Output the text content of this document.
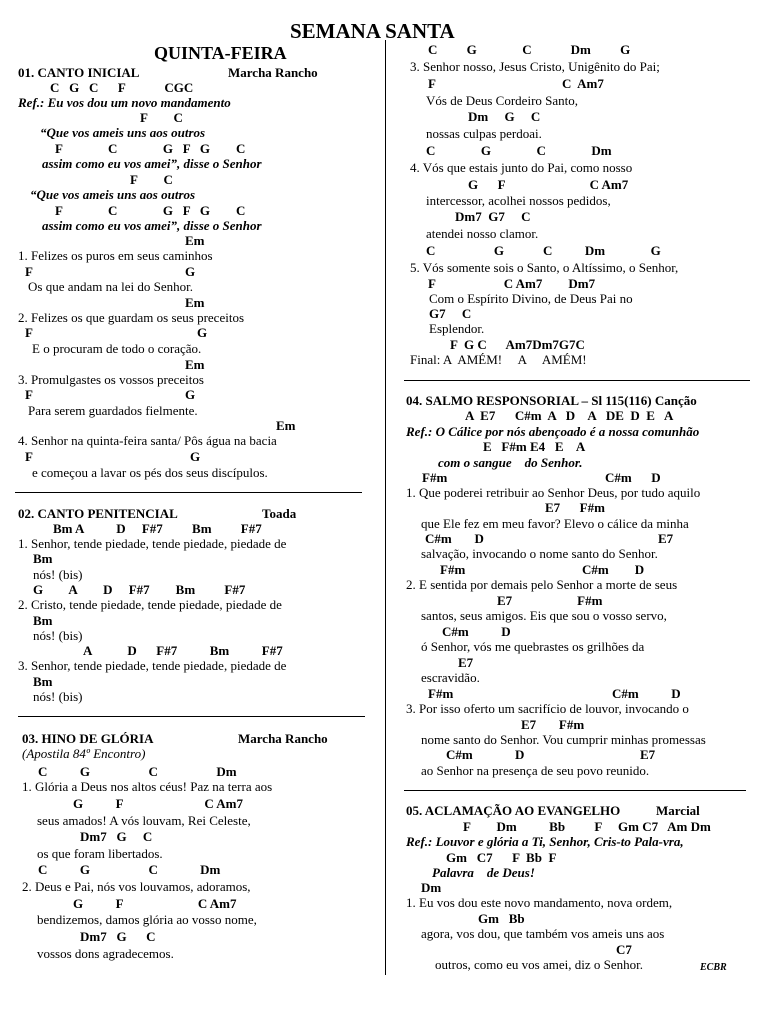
SEMANA SANTA
QUINTA-FEIRA
01. CANTO INICIAL	Marcha Rancho
C   G   C      F            CGC
Ref.: Eu vos dou um novo mandamento
F        C
“Que vos ameis uns aos outros
F              C              G   F   G        C
assim como eu vos amei”, disse o Senhor
F        C
“Que vos ameis uns aos outros
F              C              G   F   G        C
assim como eu vos amei”, disse o Senhor
Em
1. Felizes os puros em seus caminhos
F	G
Os que andam na lei do Senhor.
Em
2. Felizes os que guardam os seus preceitos
F	G
E o procuram de todo o coração.
Em
3. Promulgastes os vossos preceitos
F	G
Para serem guardados fielmente.
Em
4. Senhor na quinta-feira santa/ Pôs água na bacia
F	G
e começou a lavar os pés dos seus discípulos.
02. CANTO PENITENCIAL	Toada
Bm A          D     F#7         Bm         F#7
1. Senhor, tende piedade, tende piedade, piedade de
Bm
nós! (bis)
G        A        D     F#7        Bm         F#7
2. Cristo, tende piedade, tende piedade, piedade de
Bm
nós! (bis)
A           D      F#7          Bm          F#7
3. Senhor, tende piedade, tende piedade, piedade de
Bm
nós! (bis)
03. HINO DE GLÓRIA	Marcha Rancho
(Apostila 84º Encontro)
C          G                  C                  Dm
1. Glória a Deus nos altos céus! Paz na terra aos
G          F                         C Am7
seus amados! A vós louvam, Rei Celeste,
Dm7   G     C
os que foram libertados.
C          G                  C             Dm
2. Deus e Pai, nós vos louvamos, adoramos,
G          F                       C Am7
bendizemos, damos glória ao vosso nome,
Dm7   G      C
vossos dons agradecemos.
C         G              C            Dm         G
3. Senhor nosso, Jesus Cristo, Unigênito do Pai;
F	C  Am7
Vós de Deus Cordeiro Santo,
Dm     G     C
nossas culpas perdoai.
C              G              C              Dm
4. Vós que estais junto do Pai, como nosso
G      F                          C Am7
intercessor, acolhei nossos pedidos,
Dm7  G7     C
atendei nosso clamor.
C                  G            C          Dm              G
5. Vós somente sois o Santo, o Altíssimo, o Senhor,
F                     C Am7        Dm7
Com o Espírito Divino, de Deus Pai no
G7     C
Esplendor.
F  G C      Am7Dm7G7C
Final: A  AMÉM!     A     AMÉM!
04. SALMO RESPONSORIAL – Sl 115(116) Canção
A  E7      C#m  A   D    A   DE  D  E   A
Ref.: O Cálice por nós abençoado é a nossa comunhão
E   F#m E4   E    A
com o sangue    do Senhor.
F#m	C#m      D
1. Que poderei retribuir ao Senhor Deus, por tudo aquilo
E7      F#m
que Ele fez em meu favor? Elevo o cálice da minha
C#m       D	E7
salvação, invocando o nome santo do Senhor.
F#m	C#m        D
2. E sentida por demais pelo Senhor a morte de seus
E7                    F#m
santos, seus amigos. Eis que sou o vosso servo,
C#m          D
ó Senhor, vós me quebrastes os grilhões da
E7
escravidão.
F#m	C#m          D
3. Por isso oferto um sacrifício de louvor, invocando o
E7       F#m
nome santo do Senhor. Vou cumprir minhas promessas
C#m             D	E7
ao Senhor na presença de seu povo reunido.
05. ACLAMAÇÃO AO EVANGELHO	Marcial
F        Dm          Bb         F     Gm C7   Am Dm
Ref.: Louvor e glória a Ti, Senhor, Cris-to Pala-vra,
Gm   C7      F  Bb  F
Palavra    de Deus!
Dm
1. Eu vos dou este novo mandamento, nova ordem,
Gm   Bb
agora, vos dou, que também vos ameis uns aos
C7
outros, como eu vos amei, diz o Senhor.	ECBR
